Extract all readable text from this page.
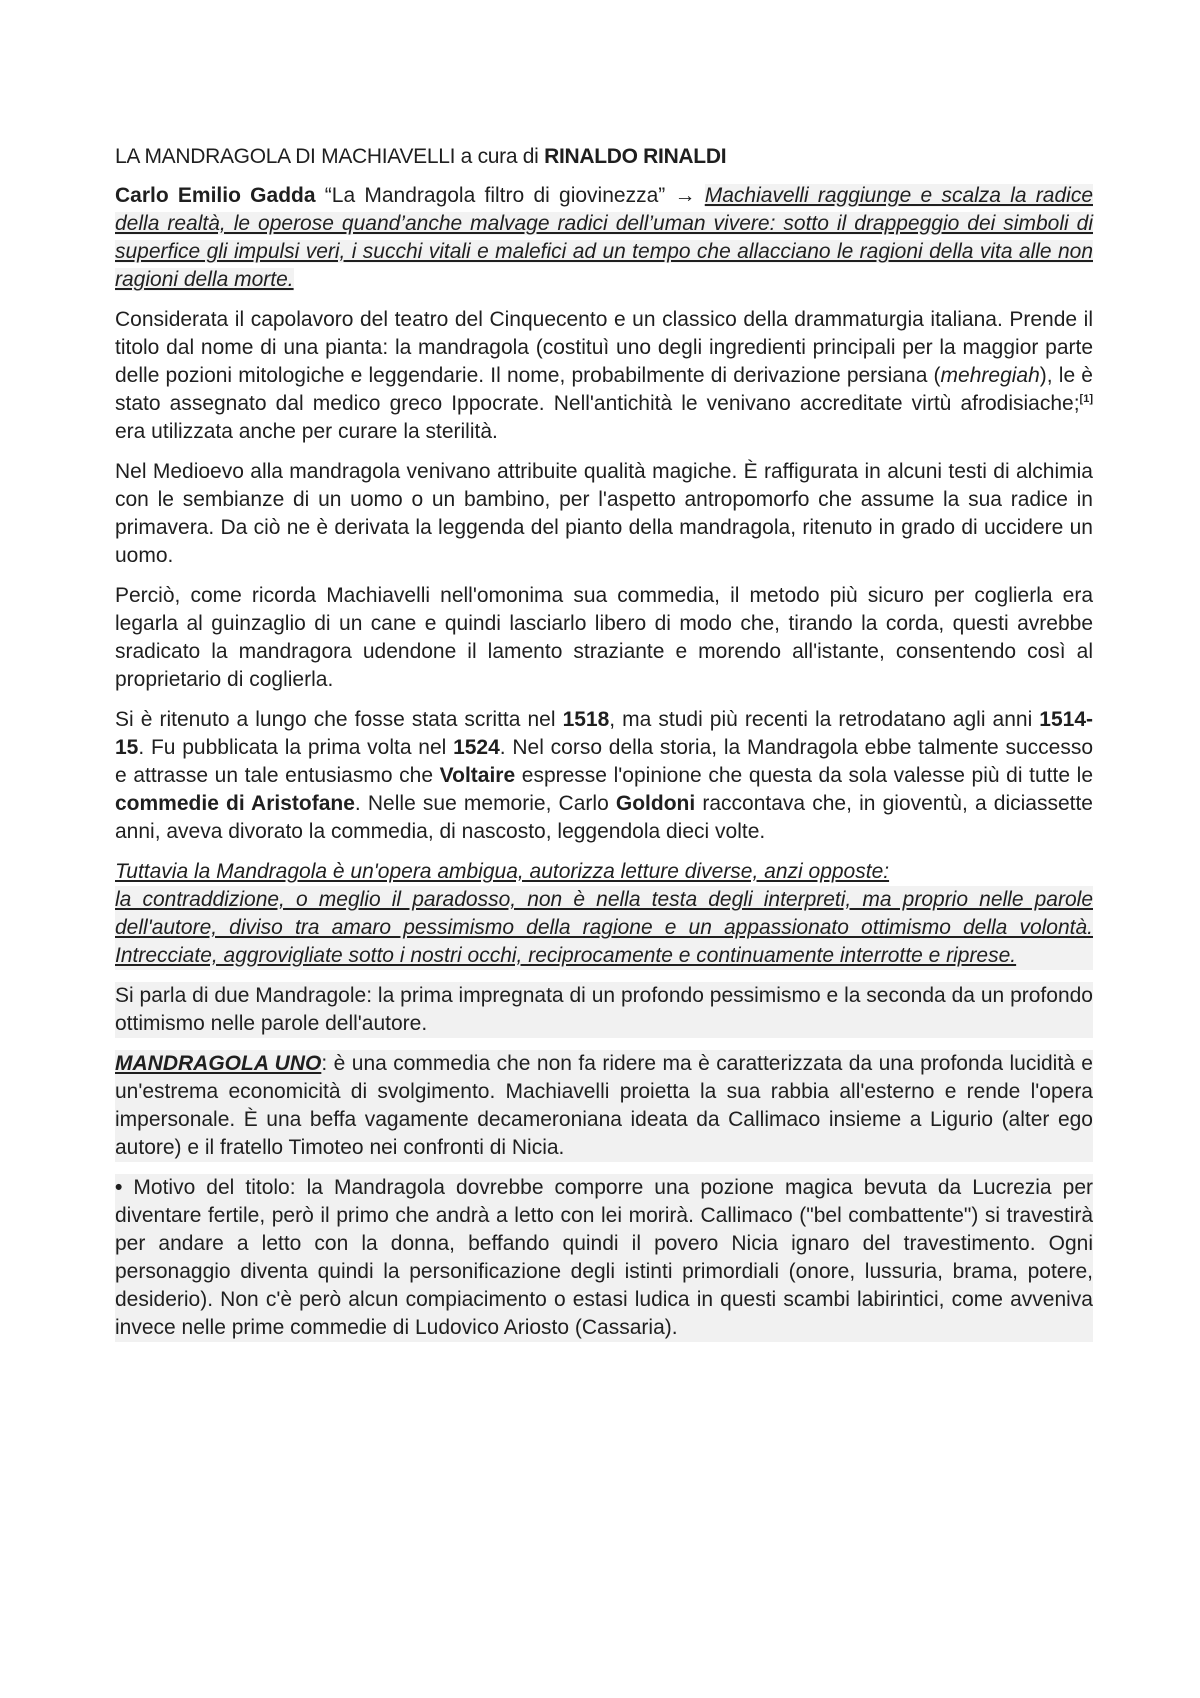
LA MANDRAGOLA DI MACHIAVELLI a cura di RINALDO RINALDI

Carlo Emilio Gadda “La Mandragola filtro di giovinezza” → Machiavelli raggiunge e scalza la radice della realtà, le operose quand’anche malvage radici dell’uman vivere: sotto il drappeggio dei simboli di superfice gli impulsi veri, i succhi vitali e malefici ad un tempo che allacciano le ragioni della vita alle non ragioni della morte.

Considerata il capolavoro del teatro del Cinquecento e un classico della drammaturgia italiana. Prende il titolo dal nome di una pianta: la mandragola (costituì uno degli ingredienti principali per la maggior parte delle pozioni mitologiche e leggendarie. Il nome, probabilmente di derivazione persiana (mehregiah), le è stato assegnato dal medico greco Ippocrate. Nell'antichità le venivano accreditate virtù afrodisiache;[1] era utilizzata anche per curare la sterilità.

Nel Medioevo alla mandragola venivano attribuite qualità magiche. È raffigurata in alcuni testi di alchimia con le sembianze di un uomo o un bambino, per l'aspetto antropomorfo che assume la sua radice in primavera. Da ciò ne è derivata la leggenda del pianto della mandragola, ritenuto in grado di uccidere un uomo.

Perciò, come ricorda Machiavelli nell'omonima sua commedia, il metodo più sicuro per coglierla era legarla al guinzaglio di un cane e quindi lasciarlo libero di modo che, tirando la corda, questi avrebbe sradicato la mandragora udendone il lamento straziante e morendo all'istante, consentendo così al proprietario di coglierla.

Si è ritenuto a lungo che fosse stata scritta nel 1518, ma studi più recenti la retrodatano agli anni 1514-15. Fu pubblicata la prima volta nel 1524. Nel corso della storia, la Mandragola ebbe talmente successo e attrasse un tale entusiasmo che Voltaire espresse l'opinione che questa da sola valesse più di tutte le commedie di Aristofane. Nelle sue memorie, Carlo Goldoni raccontava che, in gioventù, a diciassette anni, aveva divorato la commedia, di nascosto, leggendola dieci volte.

Tuttavia la Mandragola è un'opera ambigua, autorizza letture diverse, anzi opposte:

la contraddizione, o meglio il paradosso, non è nella testa degli interpreti, ma proprio nelle parole dell'autore, diviso tra amaro pessimismo della ragione e un appassionato ottimismo della volontà. Intrecciate, aggrovigliate sotto i nostri occhi, reciprocamente e continuamente interrotte e riprese.

Si parla di due Mandragole: la prima impregnata di un profondo pessimismo e la seconda da un profondo ottimismo nelle parole dell'autore.

MANDRAGOLA UNO: è una commedia che non fa ridere ma è caratterizzata da una profonda lucidità e un'estrema economicità di svolgimento. Machiavelli proietta la sua rabbia all'esterno e rende l'opera impersonale. È una beffa vagamente decameroniana ideata da Callimaco insieme a Ligurio (alter ego autore) e il fratello Timoteo nei confronti di Nicia.

• Motivo del titolo: la Mandragola dovrebbe comporre una pozione magica bevuta da Lucrezia per diventare fertile, però il primo che andrà a letto con lei morirà. Callimaco ("bel combattente") si travestirà per andare a letto con la donna, beffando quindi il povero Nicia ignaro del travestimento. Ogni personaggio diventa quindi la personificazione degli istinti primordiali (onore, lussuria, brama, potere, desiderio). Non c'è però alcun compiacimento o estasi ludica in questi scambi labirintici, come avveniva invece nelle prime commedie di Ludovico Ariosto (Cassaria).
